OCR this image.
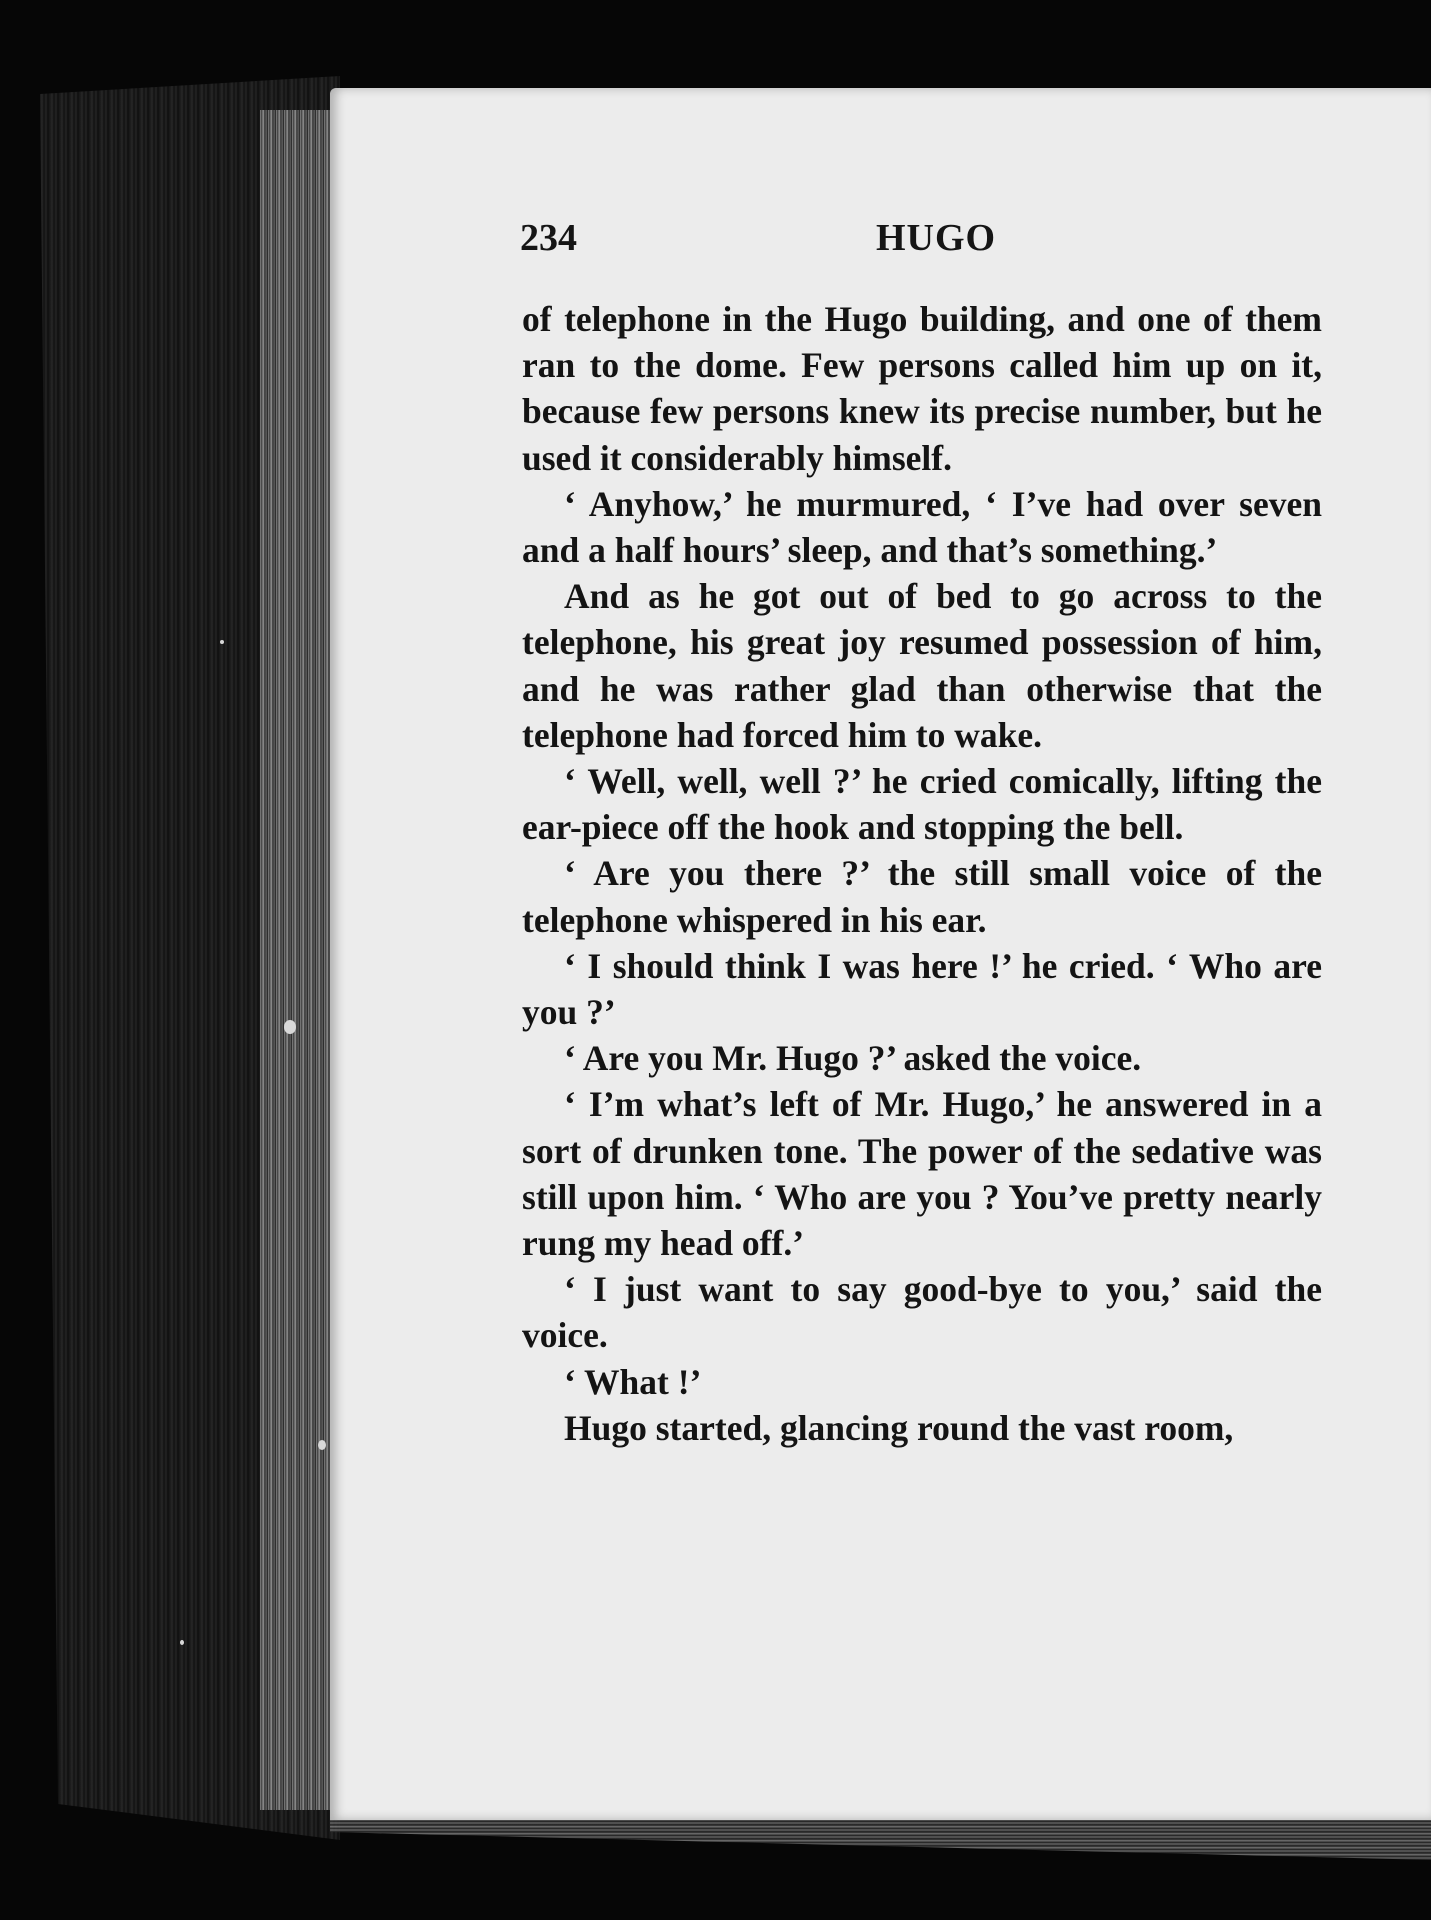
234	HUGO

of telephone in the Hugo building, and one of them ran to the dome. Few persons called him up on it, because few persons knew its precise number, but he used it considerably himself.

‘ Anyhow,’ he murmured, ‘ I’ve had over seven and a half hours’ sleep, and that’s something.’

And as he got out of bed to go across to the telephone, his great joy resumed possession of him, and he was rather glad than otherwise that the telephone had forced him to wake.

‘ Well, well, well ?’ he cried comically, lifting the ear-piece off the hook and stopping the bell.

‘ Are you there ?’ the still small voice of the telephone whispered in his ear.

‘ I should think I was here !’ he cried. ‘ Who are you ?’

‘ Are you Mr. Hugo ?’ asked the voice.

‘ I’m what’s left of Mr. Hugo,’ he answered in a sort of drunken tone. The power of the sedative was still upon him. ‘ Who are you ? You’ve pretty nearly rung my head off.’

‘ I just want to say good-bye to you,’ said the voice.

‘ What !’

Hugo started, glancing round the vast room,
